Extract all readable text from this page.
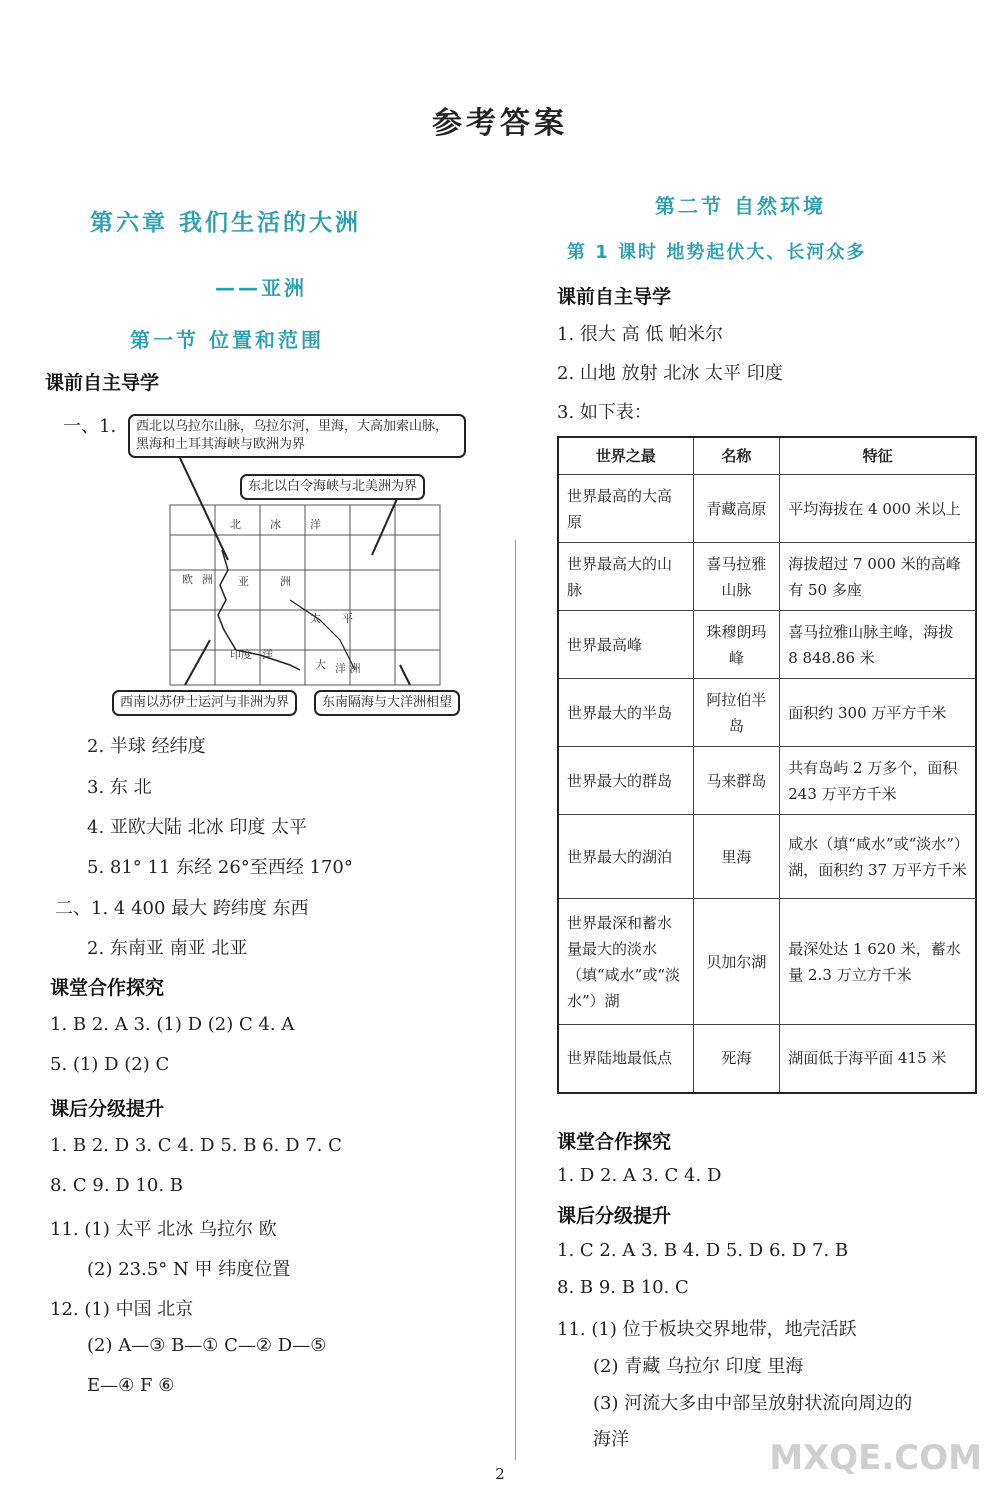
参考答案
第六章 我们生活的大洲
——亚洲
第一节 位置和范围
课前自主导学
一、1.
北	冰	洋
欧 洲 亚	洲
太 平
印度 洋
大 洋 洲
西北以乌拉尔山脉，乌拉尔河，里海，大高加索山脉，黑海和土耳其海峡与欧洲为界
东北以白令海峡与北美洲为界
西南以苏伊士运河与非洲为界	东南隔海与大洋洲相望
2. 半球 经纬度
3. 东 北
4. 亚欧大陆 北冰 印度 太平
5. 81° 11 东经 26°至西经 170°
二、1. 4 400 最大 跨纬度 东西
2. 东南亚 南亚 北亚
课堂合作探究
1. B 2. A 3. (1) D (2) C 4. A
5. (1) D (2) C
课后分级提升
1. B 2. D 3. C 4. D 5. B 6. D 7. C
8. C 9. D 10. B
11. (1) 太平 北冰 乌拉尔 欧
(2) 23.5° N 甲 纬度位置
12. (1) 中国 北京
(2) A—③ B—① C—② D—⑤
E—④ F ⑥
第二节 自然环境
第 1 课时 地势起伏大、长河众多
课前自主导学
1. 很大 高 低 帕米尔
2. 山地 放射 北冰 太平 印度
3. 如下表：
世界之最	名称	特征
世界最高的大高原	青藏高原	平均海拔在 4 000 米以上
世界最高大的山脉	喜马拉雅山脉	海拔超过 7 000 米的高峰有 50 多座
世界最高峰	珠穆朗玛峰	喜马拉雅山脉主峰，海拔 8 848.86 米
世界最大的半岛	阿拉伯半岛	面积约 300 万平方千米
世界最大的群岛	马来群岛	共有岛屿 2 万多个，面积 243 万平方千米
世界最大的湖泊	里海	咸水（填“咸水”或“淡水”）湖，面积约 37 万平方千米
世界最深和蓄水量最大的淡水（填“咸水”或“淡水”）湖	贝加尔湖	最深处达 1 620 米，蓄水量 2.3 万立方千米
世界陆地最低点	死海	湖面低于海平面 415 米
课堂合作探究
1. D 2. A 3. C 4. D
课后分级提升
1. C 2. A 3. B 4. D 5. D 6. D 7. B
8. B 9. B 10. C
11. (1) 位于板块交界地带，地壳活跃
(2) 青藏 乌拉尔 印度 里海
(3) 河流大多由中部呈放射状流向周边的
海洋
2	MXQE.COM
